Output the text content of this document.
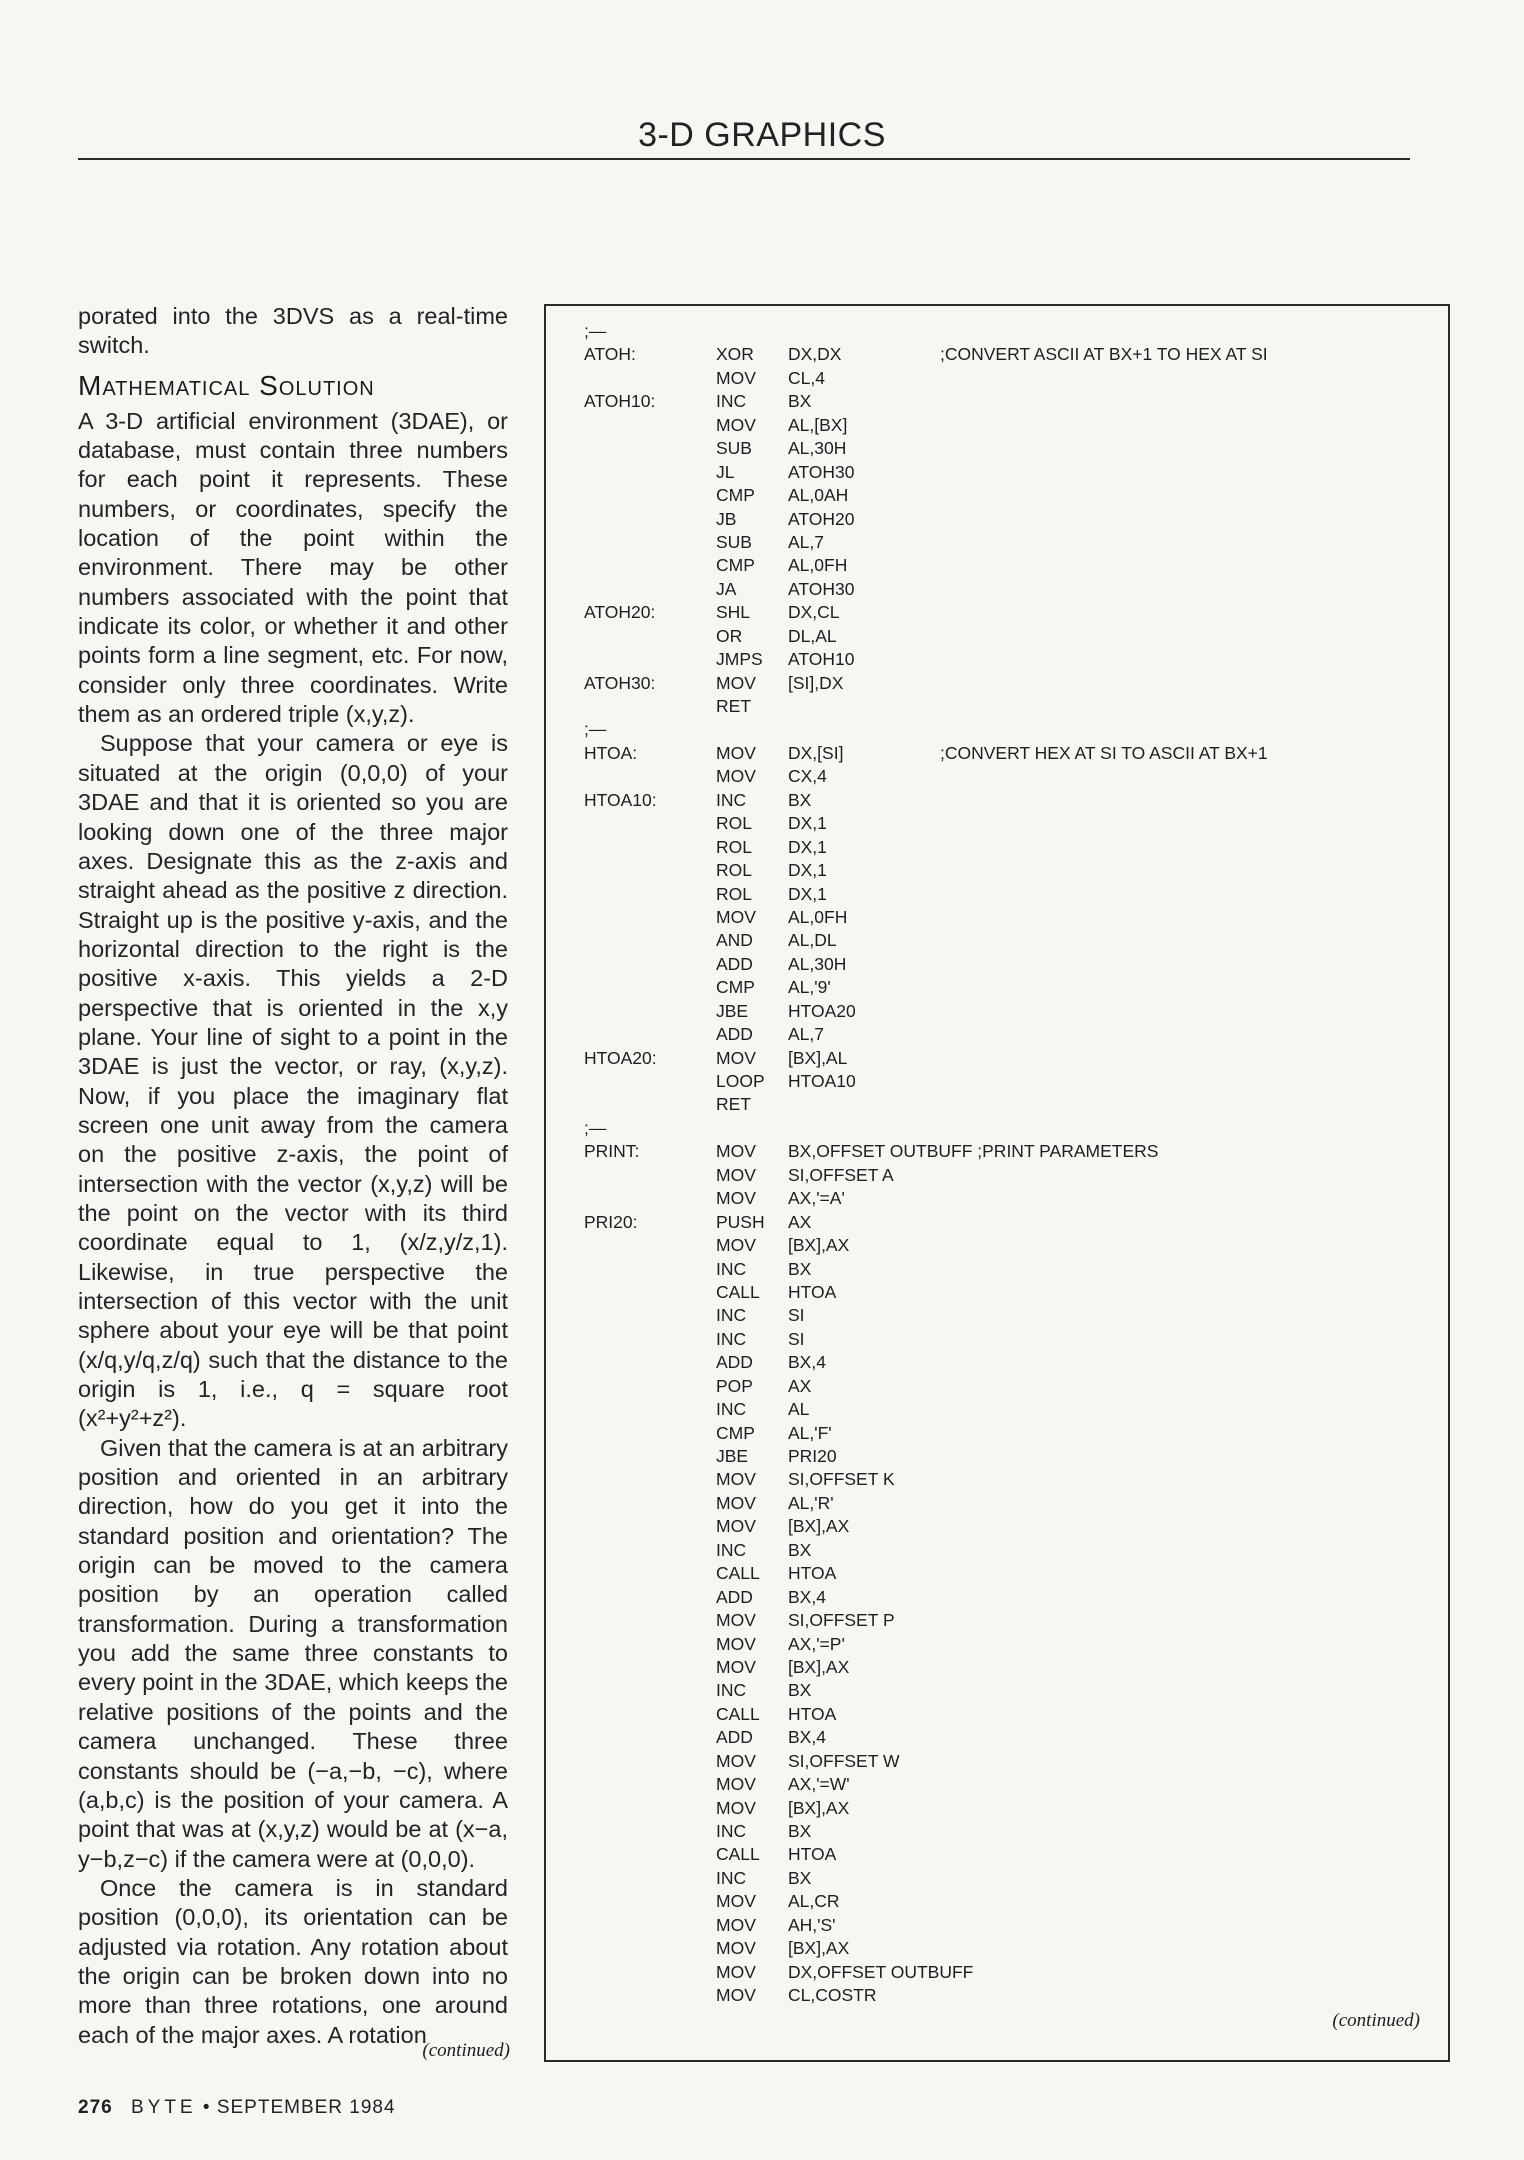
3-D GRAPHICS

porated into the 3DVS as a real-time switch.

Mathematical Solution

A 3-D artificial environment (3DAE), or database, must contain three numbers for each point it represents. These numbers, or coordinates, specify the location of the point within the environment. There may be other numbers associated with the point that indicate its color, or whether it and other points form a line segment, etc. For now, consider only three coordinates. Write them as an ordered triple (x,y,z).

Suppose that your camera or eye is situated at the origin (0,0,0) of your 3DAE and that it is oriented so you are looking down one of the three major axes. Designate this as the z-axis and straight ahead as the positive z direction. Straight up is the positive y-axis, and the horizontal direction to the right is the positive x-axis. This yields a 2-D perspective that is oriented in the x,y plane. Your line of sight to a point in the 3DAE is just the vector, or ray, (x,y,z). Now, if you place the imaginary flat screen one unit away from the camera on the positive z-axis, the point of intersection with the vector (x,y,z) will be the point on the vector with its third coordinate equal to 1, (x/z,y/z,1). Likewise, in true perspective the intersection of this vector with the unit sphere about your eye will be that point (x/q,y/q,z/q) such that the distance to the origin is 1, i.e., q = square root (x²+y²+z²).

Given that the camera is at an arbitrary position and oriented in an arbitrary direction, how do you get it into the standard position and orientation? The origin can be moved to the camera position by an operation called transformation. During a transformation you add the same three constants to every point in the 3DAE, which keeps the relative positions of the points and the camera unchanged. These three constants should be (−a,−b, −c), where (a,b,c) is the position of your camera. A point that was at (x,y,z) would be at (x−a, y−b,z−c) if the camera were at (0,0,0).

Once the camera is in standard position (0,0,0), its orientation can be adjusted via rotation. Any rotation about the origin can be broken down into no more than three rotations, one around each of the major axes. A rotation

(continued)
;—
ATOH:	XOR	DX,DX	;CONVERT ASCII AT BX+1 TO HEX AT SI
MOV	CL,4
ATOH10:	INC	BX
MOV	AL,[BX]
SUB	AL,30H
JL	ATOH30
CMP	AL,0AH
JB	ATOH20
SUB	AL,7
CMP	AL,0FH
JA	ATOH30
ATOH20:	SHL	DX,CL
OR	DL,AL
JMPS	ATOH10
ATOH30:	MOV	[SI],DX
RET
;—
HTOA:	MOV	DX,[SI]	;CONVERT HEX AT SI TO ASCII AT BX+1
MOV	CX,4
HTOA10:	INC	BX
ROL	DX,1
ROL	DX,1
ROL	DX,1
ROL	DX,1
MOV	AL,0FH
AND	AL,DL
ADD	AL,30H
CMP	AL,'9'
JBE	HTOA20
ADD	AL,7
HTOA20:	MOV	[BX],AL
LOOP	HTOA10
RET
;—
PRINT:	MOV	BX,OFFSET OUTBUFF ;PRINT PARAMETERS
MOV	SI,OFFSET A
MOV	AX,'=A'
PRI20:	PUSH	AX
MOV	[BX],AX
INC	BX
CALL	HTOA
INC	SI
INC	SI
ADD	BX,4
POP	AX
INC	AL
CMP	AL,'F'
JBE	PRI20
MOV	SI,OFFSET K
MOV	AL,'R'
MOV	[BX],AX
INC	BX
CALL	HTOA
ADD	BX,4
MOV	SI,OFFSET P
MOV	AX,'=P'
MOV	[BX],AX
INC	BX
CALL	HTOA
ADD	BX,4
MOV	SI,OFFSET W
MOV	AX,'=W'
MOV	[BX],AX
INC	BX
CALL	HTOA
INC	BX
MOV	AL,CR
MOV	AH,'S'
MOV	[BX],AX
MOV	DX,OFFSET OUTBUFF
MOV	CL,COSTR
(continued)
276 BYTE • SEPTEMBER 1984
